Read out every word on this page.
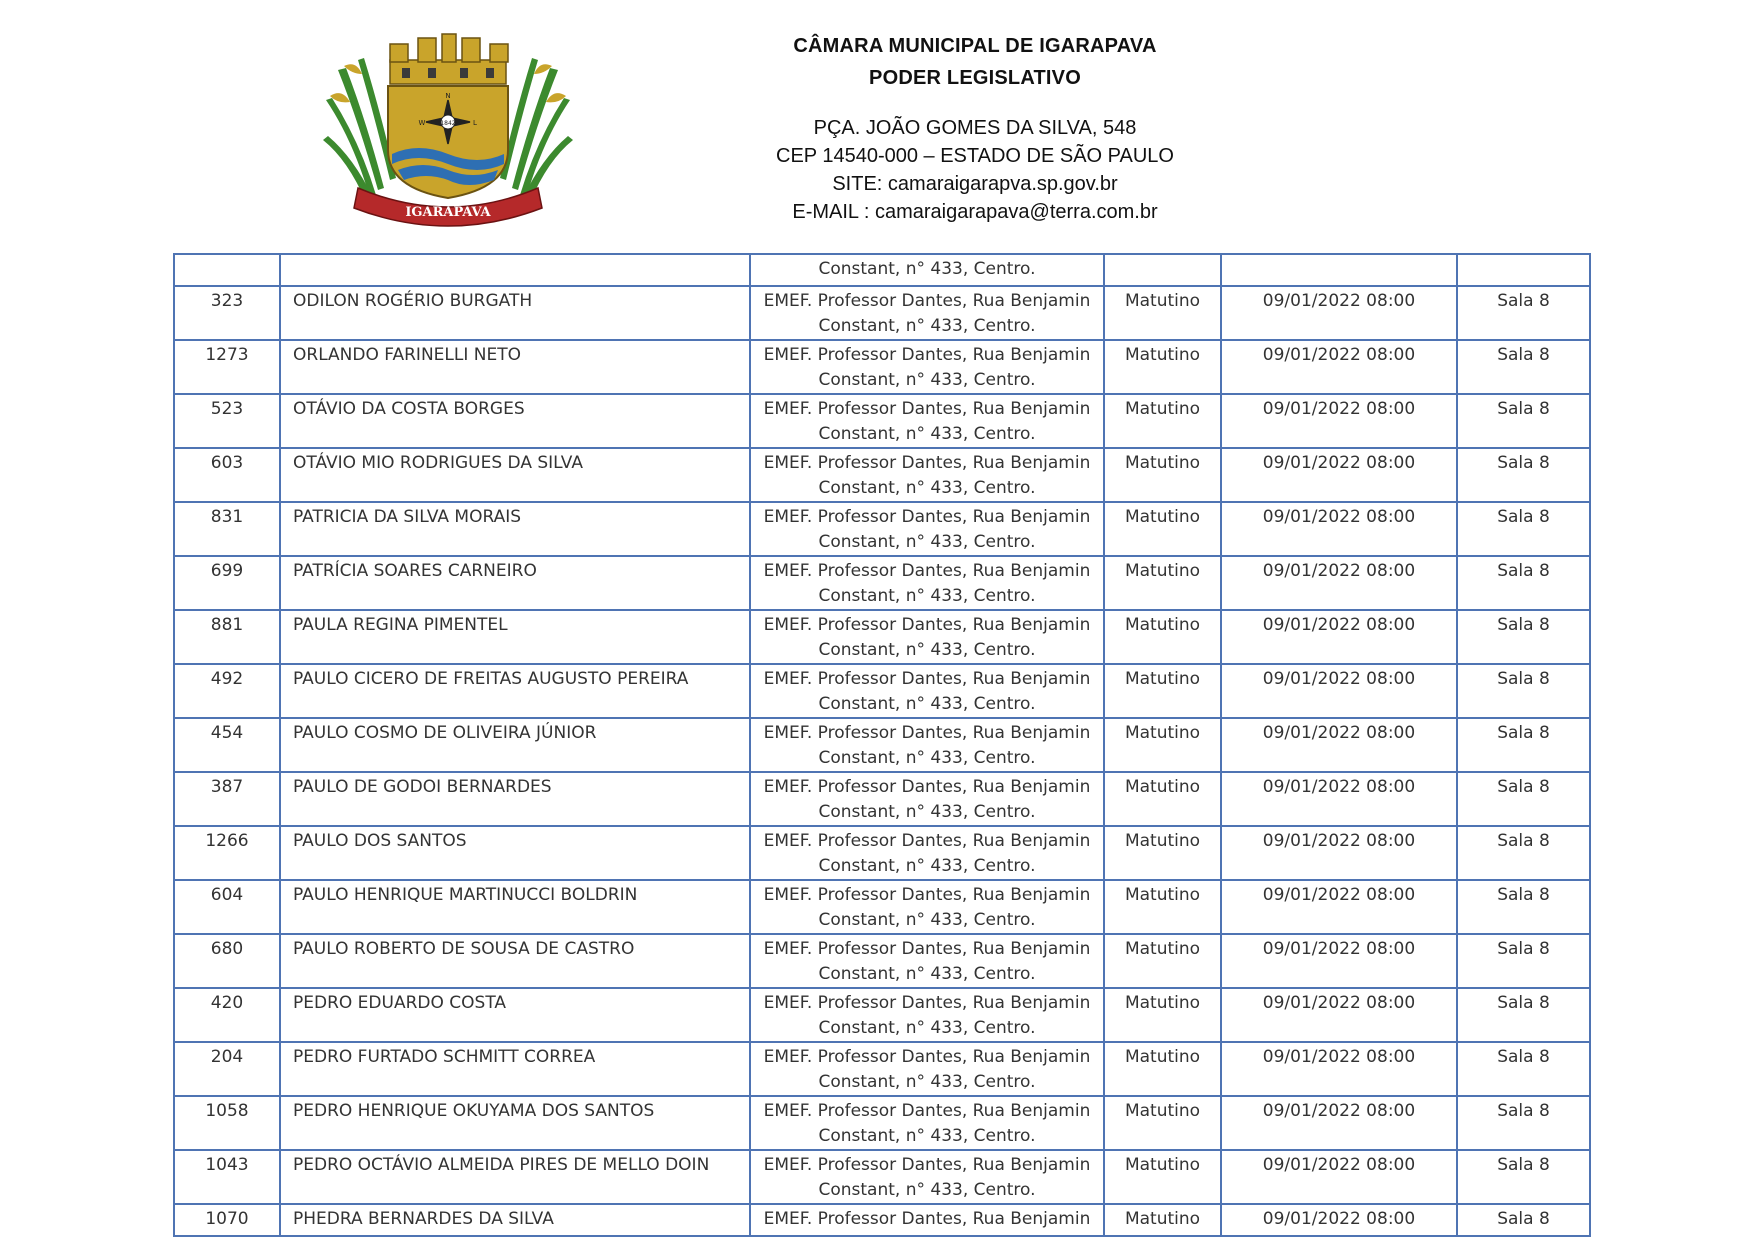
1842
N
W	L
IGARAPAVA
CÂMARA MUNICIPAL DE IGARAPAVA
PODER LEGISLATIVO
PÇA. JOÃO GOMES DA SILVA, 548
CEP 14540-000 – ESTADO DE SÃO PAULO
SITE: camaraigarapva.sp.gov.br
E-MAIL : camaraigarapava@terra.com.br

		Constant, n° 433, Centro.			

323	ODILON ROGÉRIO BURGATH	EMEF. Professor Dantes, Rua Benjamin
Constant, n° 433, Centro.	Matutino	09/01/2022 08:00	Sala 8
1273	ORLANDO FARINELLI NETO	EMEF. Professor Dantes, Rua Benjamin
Constant, n° 433, Centro.	Matutino	09/01/2022 08:00	Sala 8
523	OTÁVIO DA COSTA BORGES	EMEF. Professor Dantes, Rua Benjamin
Constant, n° 433, Centro.	Matutino	09/01/2022 08:00	Sala 8
603	OTÁVIO MIO RODRIGUES DA SILVA	EMEF. Professor Dantes, Rua Benjamin
Constant, n° 433, Centro.	Matutino	09/01/2022 08:00	Sala 8
831	PATRICIA DA SILVA MORAIS	EMEF. Professor Dantes, Rua Benjamin
Constant, n° 433, Centro.	Matutino	09/01/2022 08:00	Sala 8
699	PATRÍCIA SOARES CARNEIRO	EMEF. Professor Dantes, Rua Benjamin
Constant, n° 433, Centro.	Matutino	09/01/2022 08:00	Sala 8
881	PAULA REGINA PIMENTEL	EMEF. Professor Dantes, Rua Benjamin
Constant, n° 433, Centro.	Matutino	09/01/2022 08:00	Sala 8
492	PAULO CICERO DE FREITAS AUGUSTO PEREIRA	EMEF. Professor Dantes, Rua Benjamin
Constant, n° 433, Centro.	Matutino	09/01/2022 08:00	Sala 8
454	PAULO COSMO DE OLIVEIRA JÚNIOR	EMEF. Professor Dantes, Rua Benjamin
Constant, n° 433, Centro.	Matutino	09/01/2022 08:00	Sala 8
387	PAULO DE GODOI BERNARDES	EMEF. Professor Dantes, Rua Benjamin
Constant, n° 433, Centro.	Matutino	09/01/2022 08:00	Sala 8
1266	PAULO DOS SANTOS	EMEF. Professor Dantes, Rua Benjamin
Constant, n° 433, Centro.	Matutino	09/01/2022 08:00	Sala 8
604	PAULO HENRIQUE MARTINUCCI BOLDRIN	EMEF. Professor Dantes, Rua Benjamin
Constant, n° 433, Centro.	Matutino	09/01/2022 08:00	Sala 8
680	PAULO ROBERTO DE SOUSA DE CASTRO	EMEF. Professor Dantes, Rua Benjamin
Constant, n° 433, Centro.	Matutino	09/01/2022 08:00	Sala 8
420	PEDRO EDUARDO COSTA	EMEF. Professor Dantes, Rua Benjamin
Constant, n° 433, Centro.	Matutino	09/01/2022 08:00	Sala 8
204	PEDRO FURTADO SCHMITT CORREA	EMEF. Professor Dantes, Rua Benjamin
Constant, n° 433, Centro.	Matutino	09/01/2022 08:00	Sala 8
1058	PEDRO HENRIQUE OKUYAMA DOS SANTOS	EMEF. Professor Dantes, Rua Benjamin
Constant, n° 433, Centro.	Matutino	09/01/2022 08:00	Sala 8
1043	PEDRO OCTÁVIO ALMEIDA PIRES DE MELLO DOIN	EMEF. Professor Dantes, Rua Benjamin
Constant, n° 433, Centro.	Matutino	09/01/2022 08:00	Sala 8
1070	PHEDRA BERNARDES DA SILVA	EMEF. Professor Dantes, Rua Benjamin	Matutino	09/01/2022 08:00	Sala 8
